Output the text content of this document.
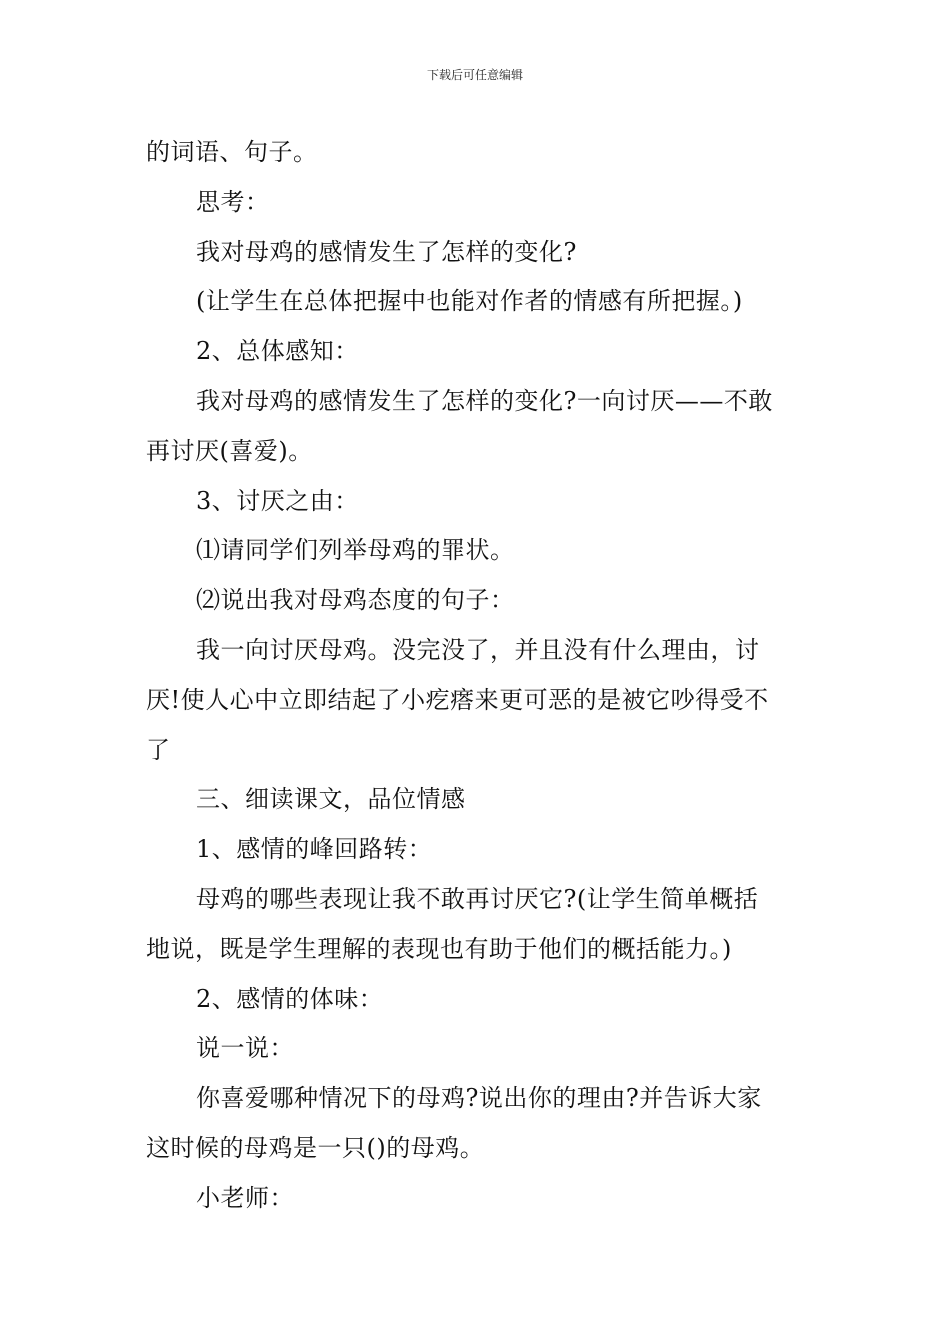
下载后可任意编辑
的词语、句子。
思考：
我对母鸡的感情发生了怎样的变化?
(让学生在总体把握中也能对作者的情感有所把握。)
2、总体感知：
我对母鸡的感情发生了怎样的变化?一向讨厌——不敢
再讨厌(喜爱)。
3、讨厌之由：
⑴请同学们列举母鸡的罪状。
⑵说出我对母鸡态度的句子：
我一向讨厌母鸡。没完没了，并且没有什么理由，讨
厌!使人心中立即结起了小疙瘩来更可恶的是被它吵得受不
了
三、细读课文，品位情感
1、感情的峰回路转：
母鸡的哪些表现让我不敢再讨厌它?(让学生简单概括
地说，既是学生理解的表现也有助于他们的概括能力。)
2、感情的体味：
说一说：
你喜爱哪种情况下的母鸡?说出你的理由?并告诉大家
这时候的母鸡是一只()的母鸡。
小老师：
